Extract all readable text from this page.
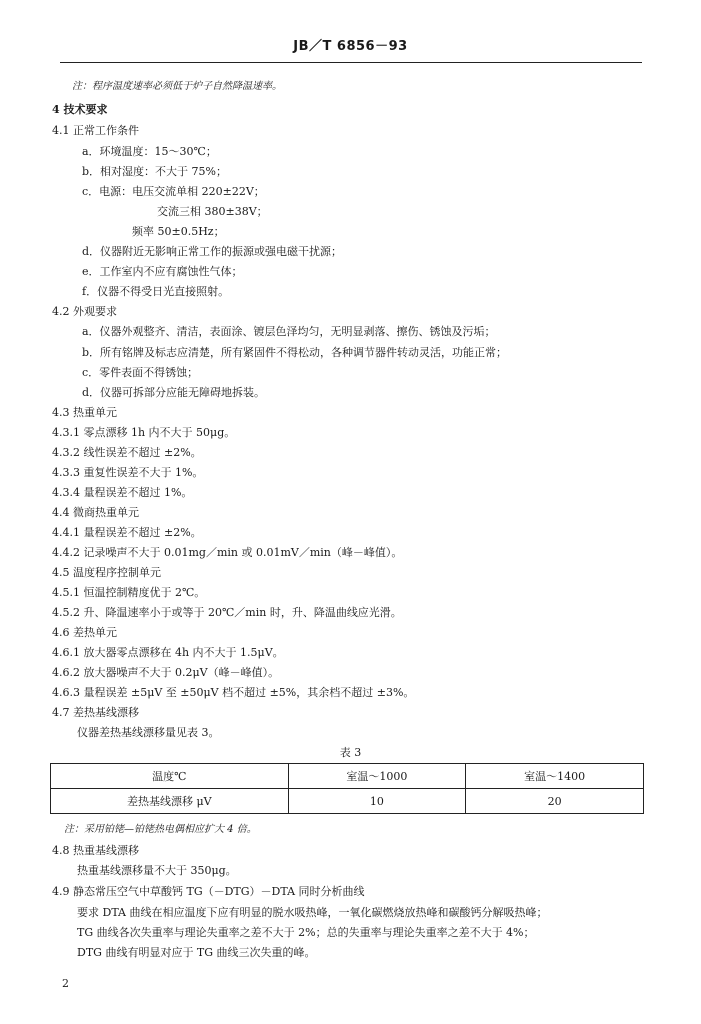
JB／T 6856－93
注：程序温度速率必须低于炉子自然降温速率。
4 技术要求
4.1 正常工作条件
a．环境温度：15～30℃；
b．相对湿度：不大于 75%；
c．电源：电压交流单相 220±22V；
交流三相 380±38V；
频率 50±0.5Hz；
d．仪器附近无影响正常工作的振源或强电磁干扰源；
e．工作室内不应有腐蚀性气体；
f．仪器不得受日光直接照射。
4.2 外观要求
a．仪器外观整齐、清洁，表面涂、镀层色泽均匀，无明显剥落、擦伤、锈蚀及污垢；
b．所有铭牌及标志应清楚，所有紧固件不得松动，各种调节器件转动灵活，功能正常；
c．零件表面不得锈蚀；
d．仪器可拆部分应能无障碍地拆装。
4.3 热重单元
4.3.1 零点漂移 1h 内不大于 50μg。
4.3.2 线性误差不超过 ±2%。
4.3.3 重复性误差不大于 1%。
4.3.4 量程误差不超过 1%。
4.4 微商热重单元
4.4.1 量程误差不超过 ±2%。
4.4.2 记录噪声不大于 0.01mg／min 或 0.01mV／min（峰－峰值）。
4.5 温度程序控制单元
4.5.1 恒温控制精度优于 2℃。
4.5.2 升、降温速率小于或等于 20℃／min 时，升、降温曲线应光滑。
4.6 差热单元
4.6.1 放大器零点漂移在 4h 内不大于 1.5μV。
4.6.2 放大器噪声不大于 0.2μV（峰－峰值）。
4.6.3 量程误差 ±5μV 至 ±50μV 档不超过 ±5%，其余档不超过 ±3%。
4.7 差热基线漂移
仪器差热基线漂移量见表 3。
表 3
温度℃	室温～1000	室温～1400
差热基线漂移 μV	10	20
注：采用铂铑—铂铑热电偶相应扩大 4 倍。
4.8 热重基线漂移
热重基线漂移量不大于 350μg。
4.9 静态常压空气中草酸钙 TG（－DTG）－DTA 同时分析曲线
要求 DTA 曲线在相应温度下应有明显的脱水吸热峰，一氧化碳燃烧放热峰和碳酸钙分解吸热峰；
TG 曲线各次失重率与理论失重率之差不大于 2%；总的失重率与理论失重率之差不大于 4%；
DTG 曲线有明显对应于 TG 曲线三次失重的峰。
2
